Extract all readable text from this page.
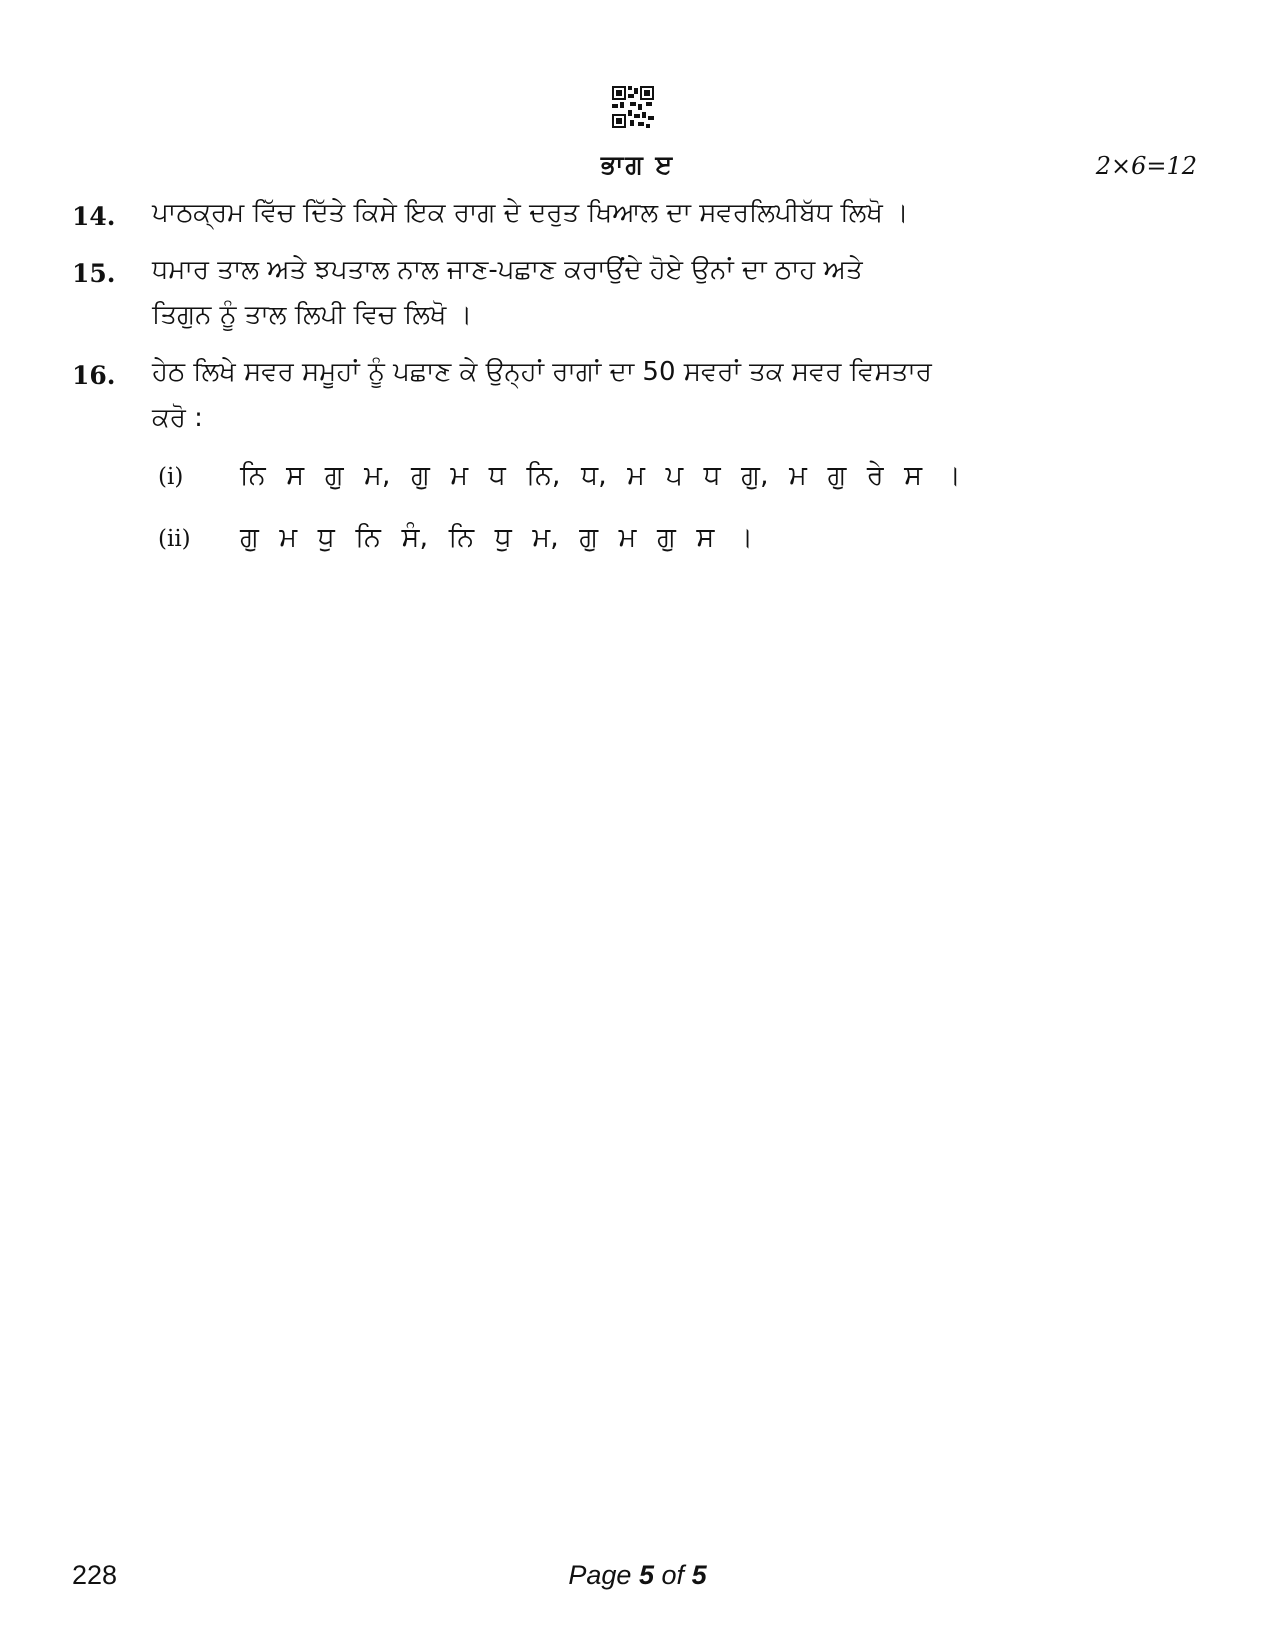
ਭਾਗ ੲ	2×6=12
14. ਪਾਠਕ੍ਰਮ ਵਿੱਚ ਦਿੱਤੇ ਕਿਸੇ ਇਕ ਰਾਗ ਦੇ ਦਰੁਤ ਖਿਆਲ ਦਾ ਸਵਰਲਿਪੀਬੱਧ ਲਿਖੋ ।
15. ਧਮਾਰ ਤਾਲ ਅਤੇ ਝਪਤਾਲ ਨਾਲ ਜਾਣ-ਪਛਾਣ ਕਰਾਉਂਦੇ ਹੋਏ ਉਨਾਂ ਦਾ ਠਾਹ ਅਤੇ
ਤਿਗੁਨ ਨੂੰ ਤਾਲ ਲਿਪੀ ਵਿਚ ਲਿਖੋ ।
16. ਹੇਠ ਲਿਖੇ ਸਵਰ ਸਮੂਹਾਂ ਨੂੰ ਪਛਾਣ ਕੇ ਉਨ੍ਹਾਂ ਰਾਗਾਂ ਦਾ 50 ਸਵਰਾਂ ਤਕ ਸਵਰ ਵਿਸਤਾਰ
ਕਰੋ :
(i) ਨਿ ਸ ਗੁ ਮ, ਗੁ ਮ ਧ ਨਿ, ਧ, ਮ ਪ ਧ ਗੁ, ਮ ਗੁ ਰੇ ਸ ।
(ii) ਗੁ ਮ ਧੁ ਨਿ ਸੰ, ਨਿ ਧੁ ਮ, ਗੁ ਮ ਗੁ ਸ ।
228	Page 5 of 5
